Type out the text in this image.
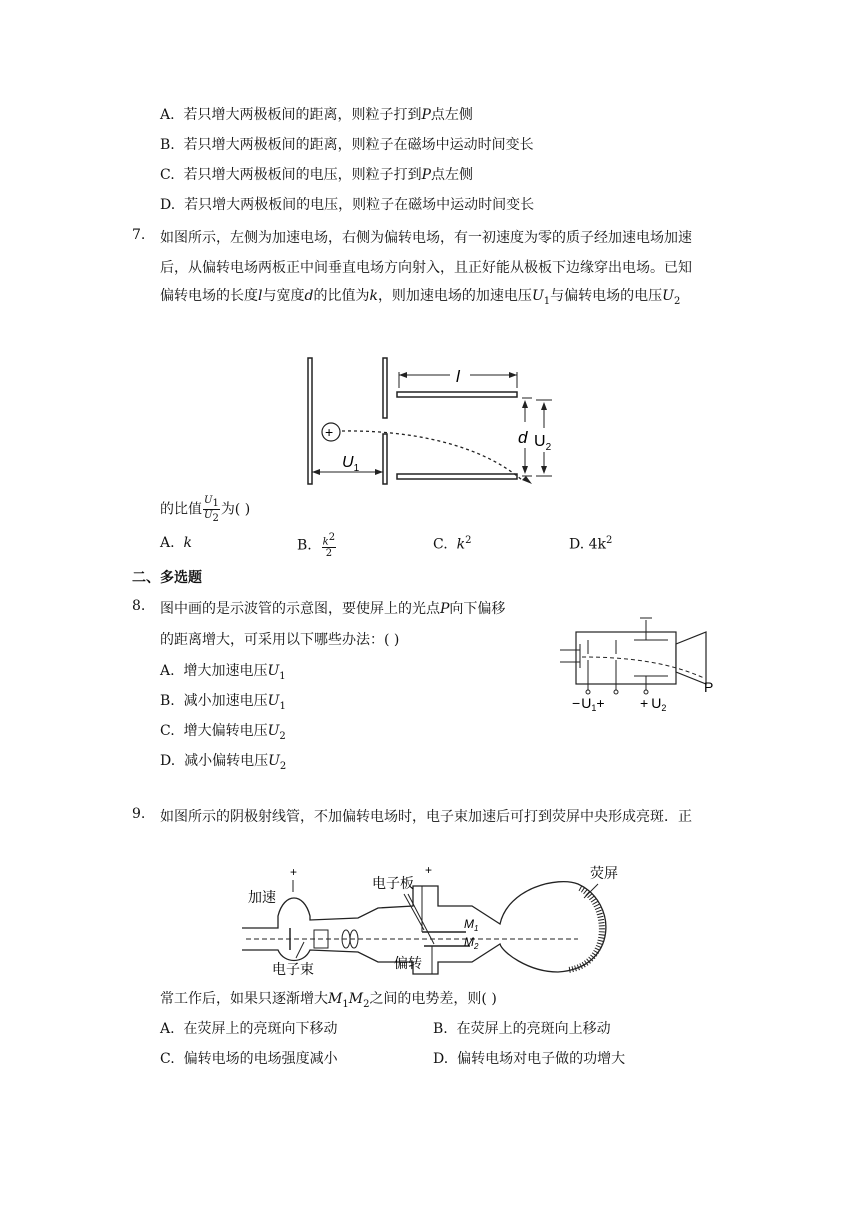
A. 若只增大两极板间的距离，则粒子打到P点左侧
B. 若只增大两极板间的距离，则粒子在磁场中运动时间变长
C. 若只增大两极板间的电压，则粒子打到P点左侧
D. 若只增大两极板间的电压，则粒子在磁场中运动时间变长
7. 如图所示，左侧为加速电场，右侧为偏转电场，有一初速度为零的质子经加速电场加速
后，从偏转电场两板正中间垂直电场方向射入，且正好能从极板下边缘穿出电场。已知
偏转电场的长度l与宽度d的比值为k，则加速电场的加速电压$U_1$与偏转电场的电压$U_2$
l
d $U_2$
+
$U_1$
的比值 $\frac{U_1}{U_2}$ 为( )
A. k	B. $\frac{k^2}{2}$	C. $k^2$	D. $4k^2$
二、多选题
8. 图中画的是示波管的示意图，要使屏上的光点P向下偏移
的距离增大，可采用以下哪些办法：( )
A. 增大加速电压$U_1$
B. 减小加速电压$U_1$
C. 增大偏转电压$U_2$
D. 减小偏转电压$U_2$
$-U_1+$	+ $U_2$
P
9. 如图所示的阴极射线管，不加偏转电场时，电子束加速后可打到荧屏中央形成亮斑．正
加速
+	+
电子板
$M_1$
$M_2$
偏转
电子束
荧屏
常工作后，如果只逐渐增大$M_1M_2$之间的电势差，则( )
A. 在荧屏上的亮斑向下移动	B. 在荧屏上的亮斑向上移动
C. 偏转电场的电场强度减小	D. 偏转电场对电子做的功增大
